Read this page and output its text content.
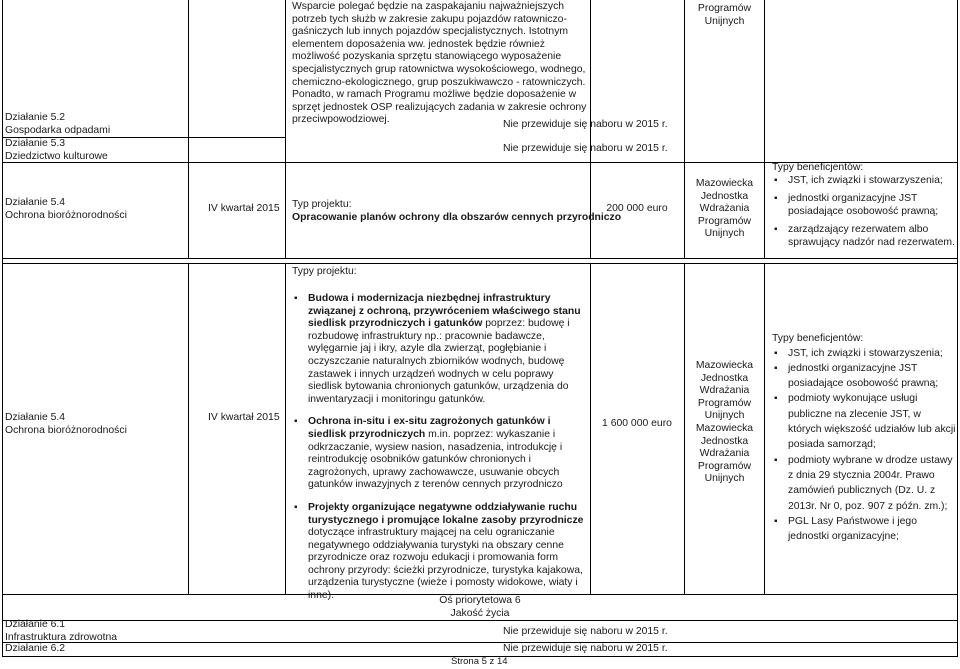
Wsparcie polegać będzie na zaspakajaniu najważniejszych potrzeb tych służb w zakresie zakupu pojazdów ratowniczo-gaśniczych lub innych pojazdów specjalistycznych. Istotnym elementem doposażenia ww. jednostek będzie również możliwość pozyskania sprzętu stanowiącego wyposażenie specjalistycznych grup ratownictwa wysokościowego, wodnego, chemiczno-ekologicznego, grup poszukiwawczo - ratowniczych. Ponadto, w ramach Programu możliwe będzie doposażenie w sprzęt jednostek OSP realizujących zadania w zakresie ochrony przeciwpowodziowej.

Programów
Unijnych
Działanie 5.2
Gospodarka odpadami
Działanie 5.3
Dziedzictwo kulturowe
Nie przewiduje się naboru w 2015 r.
Nie przewiduje się naboru w 2015 r.
Działanie 5.4
Ochrona bioróżnorodności
IV kwartał 2015 Typ projektu:
Opracowanie planów ochrony dla obszarów cennych przyrodniczo
200 000 euro
Mazowiecka
Jednostka
Wdrażania
Programów
Unijnych
Typy beneficjentów:
▪ JST, ich związki i stowarzyszenia;
▪ jednostki organizacyjne JST posiadające osobowość prawną;
▪ zarządzający rezerwatem albo sprawujący nadzór nad rezerwatem.
Działanie 5.4
Ochrona bioróżnorodności
IV kwartał 2015
Typy projektu:
▪ Budowa i modernizacja niezbędnej infrastruktury związanej z ochroną, przywróceniem właściwego stanu siedlisk przyrodniczych i gatunków poprzez: budowę i rozbudowę infrastruktury np.: pracownie badawcze, wylęgarnie jaj i ikry, azyle dla zwierząt, pogłębianie i oczyszczanie naturalnych zbiorników wodnych, budowę zastawek i innych urządzeń wodnych w celu poprawy siedlisk bytowania chronionych gatunków, urządzenia do inwentaryzacji i monitoringu gatunków.
▪ Ochrona in-situ i ex-situ zagrożonych gatunków i siedlisk przyrodniczych m.in. poprzez: wykaszanie i odkrzaczanie, wysiew nasion, nasadzenia, introdukcję i reintrodukcję osobników gatunków chronionych i zagrożonych, uprawy zachowawcze, usuwanie obcych gatunków inwazyjnych z terenów cennych przyrodniczo
▪ Projekty organizujące negatywne oddziaływanie ruchu turystycznego i promujące lokalne zasoby przyrodnicze dotyczące infrastruktury mającej na celu ograniczanie negatywnego oddziaływania turystyki na obszary cenne przyrodnicze oraz rozwoju edukacji i promowania form ochrony przyrody: ścieżki przyrodnicze, turystyka kajakowa, urządzenia turystyczne (wieże i pomosty widokowe, wiaty i inne).
1 600 000 euro
Mazowiecka
Jednostka
Wdrażania
Programów
Unijnych
Mazowiecka
Jednostka
Wdrażania
Programów
Unijnych
Typy beneficjentów:
▪ JST, ich związki i stowarzyszenia;
▪ jednostki organizacyjne JST posiadające osobowość prawną;
▪ podmioty wykonujące usługi publiczne na zlecenie JST, w których większość udziałów lub akcji posiada samorząd;
▪ podmioty wybrane w drodze ustawy z dnia 29 stycznia 2004r. Prawo zamówień publicznych (Dz. U. z 2013r. Nr 0, poz. 907 z późn. zm.);
▪ PGL Lasy Państwowe i jego jednostki organizacyjne;
Oś priorytetowa 6
Jakość życia
Działanie 6.1
Infrastruktura zdrowotna
Nie przewiduje się naboru w 2015 r.
Działanie 6.2	Nie przewiduje się naboru w 2015 r.
Strona 5 z 14
